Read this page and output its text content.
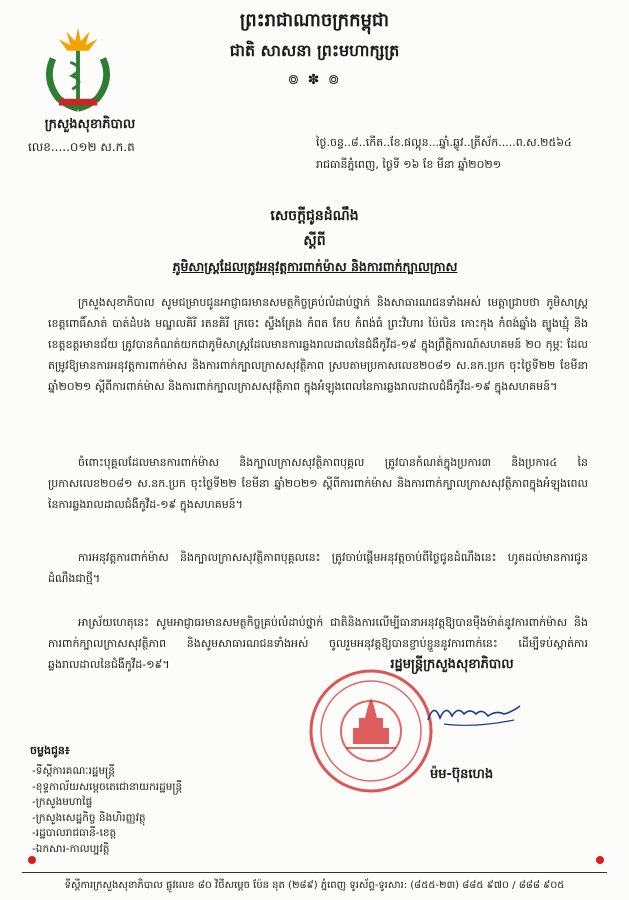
ព្រះរាជាណាចក្រកម្ពុជា
ជាតិ សាសនា ព្រះមហាក្សត្រ
៙ ✽ ៙
ក្រសួងសុខាភិបាល
លេខ.....០១២ ស.ក.ត	ថ្ងៃ.ចន្ទ..៨..កើត..ខែ.ផល្គុន...ឆ្នាំ.ឆ្លូវ..ត្រីស័ក.....ព.ស.២៥៦៤
រាជធានីភ្នំពេញ, ថ្ងៃទី ១៦ ខែ មីនា ឆ្នាំ២០២១
សេចក្តីជូនដំណឹង
ស្តីពី
ភូមិសាស្ត្រដែលត្រូវអនុវត្តការពាក់ម៉ាស និងការពាក់ក្បាលក្រាស
ក្រសួងសុខាភិបាល សូមជម្រាបជូនអាជ្ញាធរមានសមត្ថកិច្ចគ្រប់លំដាប់ថ្នាក់ និងសាធារណជនទាំងអស់ មេត្តាជ្រាបថា ភូមិសាស្ត្រខេត្តពោធិ៍សាត់ បាត់ដំបង មណ្ឌលគិរី រតនគិរី ក្រចេះ ស្ទឹងត្រែង កំពត កែប កំពង់ធំ ព្រះវិហារ ប៉ៃលិន កោះកុង កំពង់ឆ្នាំង ត្បូងឃ្មុំ និងខេត្តឧត្តរមានជ័យ ត្រូវបានកំណត់យកជាភូមិសាស្ត្រដែលមានការឆ្លងរាលដាលនៃជំងឺកូវីដ-១៩ ក្នុងព្រឹត្តិការណ៍សហគមន៍ ២០ កុម្ភៈ ដែលតម្រូវឱ្យមានការអនុវត្តការពាក់ម៉ាស និងការពាក់ក្បាលក្រាសសុវត្ថិភាព ស្របតាមប្រកាសលេខ២០៨១ ស.នក.ប្រក ចុះថ្ងៃទី២២ ខែមីនា ឆ្នាំ២០២១ ស្តីពីការពាក់ម៉ាស និងការពាក់ក្បាលក្រាសសុវត្ថិភាព ក្នុងអំឡុងពេលនៃការឆ្លងរាលដាលជំងឺកូវីដ-១៩ ក្នុងសហគមន៍។
ចំពោះបុគ្គលដែលមានការពាក់ម៉ាស និងក្បាលក្រាសសុវត្ថិភាពបុគ្គល ត្រូវបានកំណត់ក្នុងប្រការ៣ និងប្រការ៤ នៃប្រកាសលេខ២០៨១ ស.នក.ប្រក ចុះថ្ងៃទី២២ ខែមីនា ឆ្នាំ២០២១ ស្តីពីការពាក់ម៉ាស និងការពាក់ក្បាលក្រាសសុវត្ថិភាពក្នុងអំឡុងពេលនៃការឆ្លងរាលដាលជំងឺកូវីដ-១៩ ក្នុងសហគមន៍។
ការអនុវត្តការពាក់ម៉ាស និងក្បាលក្រាសសុវត្ថិភាពបុគ្គលនេះ ត្រូវចាប់ផ្តើមអនុវត្តចាប់ពីថ្ងៃជូនដំណឹងនេះ ហូតដល់មានការជូនដំណឹងជាថ្មី។
អាស្រ័យហេតុនេះ សូមអាជ្ញាធរមានសមត្ថកិច្ចគ្រប់លំដាប់ថ្នាក់ ជាតិនិងការលើម្បីធានាអនុវត្តឱ្យបានម៉ឺងម៉ាត់នូវការពាក់ម៉ាស និងការពាក់ក្បាលក្រាសសុវត្ថិភាព និងសូមសាធារណជនទាំងអស់ ចូលរួមអនុវត្តឱ្យបានខ្ជាប់ខ្ជួននូវការពាក់នេះ ដើម្បីទប់ស្កាត់ការឆ្លងរាលដាលនៃជំងឺកូវីដ-១៩។	រដ្ឋមន្ត្រីក្រសួងសុខាភិបាល
ម៉ម-ប៊ុនហេង
ចម្លងជូន៖
-ទីស្តីការគណៈរដ្ឋមន្ត្រី
-ខុទ្ទកាល័យសម្តេចតេជោនាយករដ្ឋមន្ត្រី
-ក្រសួងមហាផ្ទៃ
-ក្រសួងសេដ្ឋកិច្ច និងហិរញ្ញវត្ថុ
-រដ្ឋបាលរាជធានី-ខេត្ត
-ឯកសារ-កាលប្បវត្តិ
ទីស្តីការក្រសួងសុខាភិបាល ផ្លូវលេខ ៨០ វិថីសម្តេច ប៉ែន នុត (២៨៩) ភ្នំពេញ ទូរស័ព្ទ-ទូរសារ: (៨៥៥-២៣) ៨៨៥ ៩៧០ / ៨៨៨ ៩០៥
